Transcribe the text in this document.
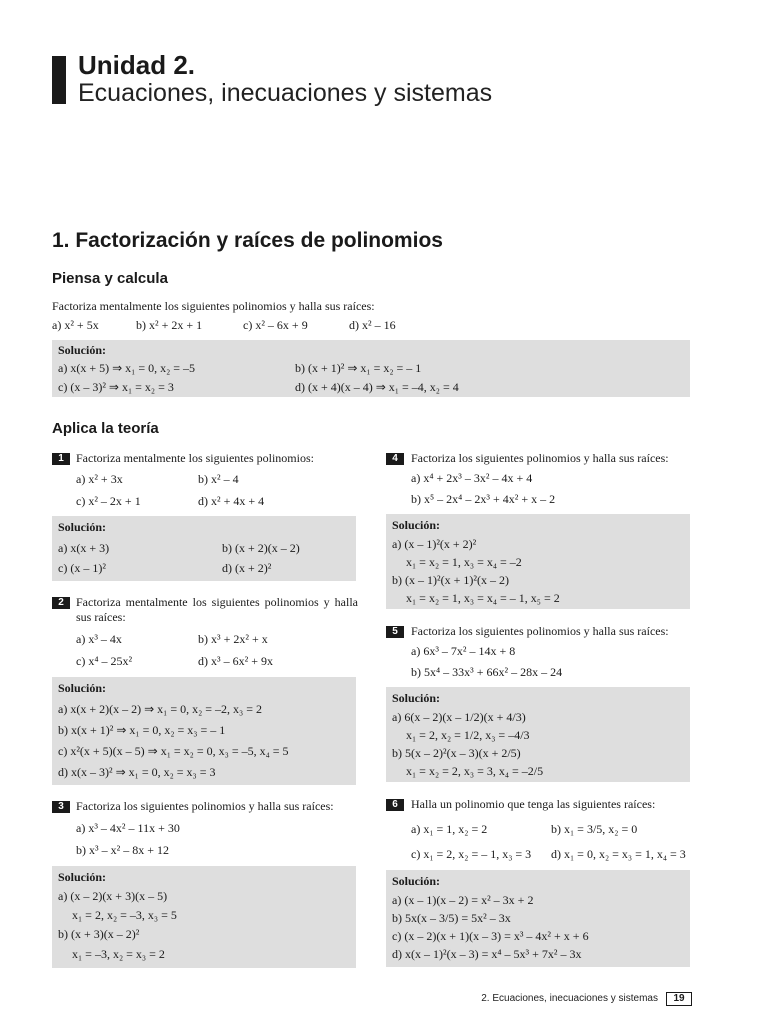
Unidad 2.
Ecuaciones, inecuaciones y sistemas
1. Factorización y raíces de polinomios
Piensa y calcula
Factoriza mentalmente los siguientes polinomios y halla sus raíces:
a) x² + 5x	b) x² + 2x + 1	c) x² – 6x + 9	d) x² – 16
Solución:
a) x(x + 5) ⇒ x₁ = 0, x₂ = –5	b) (x + 1)² ⇒ x₁ = x₂ = – 1
c) (x – 3)² ⇒ x₁ = x₂ = 3	d) (x + 4)(x – 4) ⇒ x₁ = –4, x₂ = 4
Aplica la teoría
1	Factoriza mentalmente los siguientes polinomios:
a) x² + 3x	b) x² – 4
c) x² – 2x + 1	d) x² + 4x + 4
Solución:
a) x(x + 3)	b) (x + 2)(x – 2)
c) (x – 1)²	d) (x + 2)²
2	Factoriza mentalmente los siguientes polinomios y halla sus raíces:
a) x³ – 4x	b) x³ + 2x² + x
c) x⁴ – 25x²	d) x³ – 6x² + 9x
Solución:
a) x(x + 2)(x – 2) ⇒ x₁ = 0, x₂ = –2, x₃ = 2
b) x(x + 1)² ⇒ x₁ = 0, x₂ = x₃ = – 1
c) x²(x + 5)(x – 5) ⇒ x₁ = x₂ = 0, x₃ = –5, x₄ = 5
d) x(x – 3)² ⇒ x₁ = 0, x₂ = x₃ = 3
3	Factoriza los siguientes polinomios y halla sus raíces:
a) x³ – 4x² – 11x + 30
b) x³ – x² – 8x + 12
Solución:
a) (x – 2)(x + 3)(x – 5)
x₁ = 2, x₂ = –3, x₃ = 5
b) (x + 3)(x – 2)²
x₁ = –3, x₂ = x₃ = 2
4	Factoriza los siguientes polinomios y halla sus raíces:
a) x⁴ + 2x³ – 3x² – 4x + 4
b) x⁵ – 2x⁴ – 2x³ + 4x² + x – 2
Solución:
a) (x – 1)²(x + 2)²
x₁ = x₂ = 1, x₃ = x₄ = –2
b) (x – 1)²(x + 1)²(x – 2)
x₁ = x₂ = 1, x₃ = x₄ = – 1, x₅ = 2
5	Factoriza los siguientes polinomios y halla sus raíces:
a) 6x³ – 7x² – 14x + 8
b) 5x⁴ – 33x³ + 66x² – 28x – 24
Solución:
a) 6(x – 2)(x – 1/2)(x + 4/3)
x₁ = 2, x₂ = 1/2, x₃ = –4/3
b) 5(x – 2)²(x – 3)(x + 2/5)
x₁ = x₂ = 2, x₃ = 3, x₄ = –2/5
6	Halla un polinomio que tenga las siguientes raíces:
a) x₁ = 1, x₂ = 2	b) x₁ = 3/5, x₂ = 0
c) x₁ = 2, x₂ = – 1, x₃ = 3 d) x₁ = 0, x₂ = x₃ = 1, x₄ = 3
Solución:
a) (x – 1)(x – 2) = x² – 3x + 2
b) 5x(x – 3/5) = 5x² – 3x
c) (x – 2)(x + 1)(x – 3) = x³ – 4x² + x + 6
d) x(x – 1)²(x – 3) = x⁴ – 5x³ + 7x² – 3x
2. Ecuaciones, inecuaciones y sistemas	19
